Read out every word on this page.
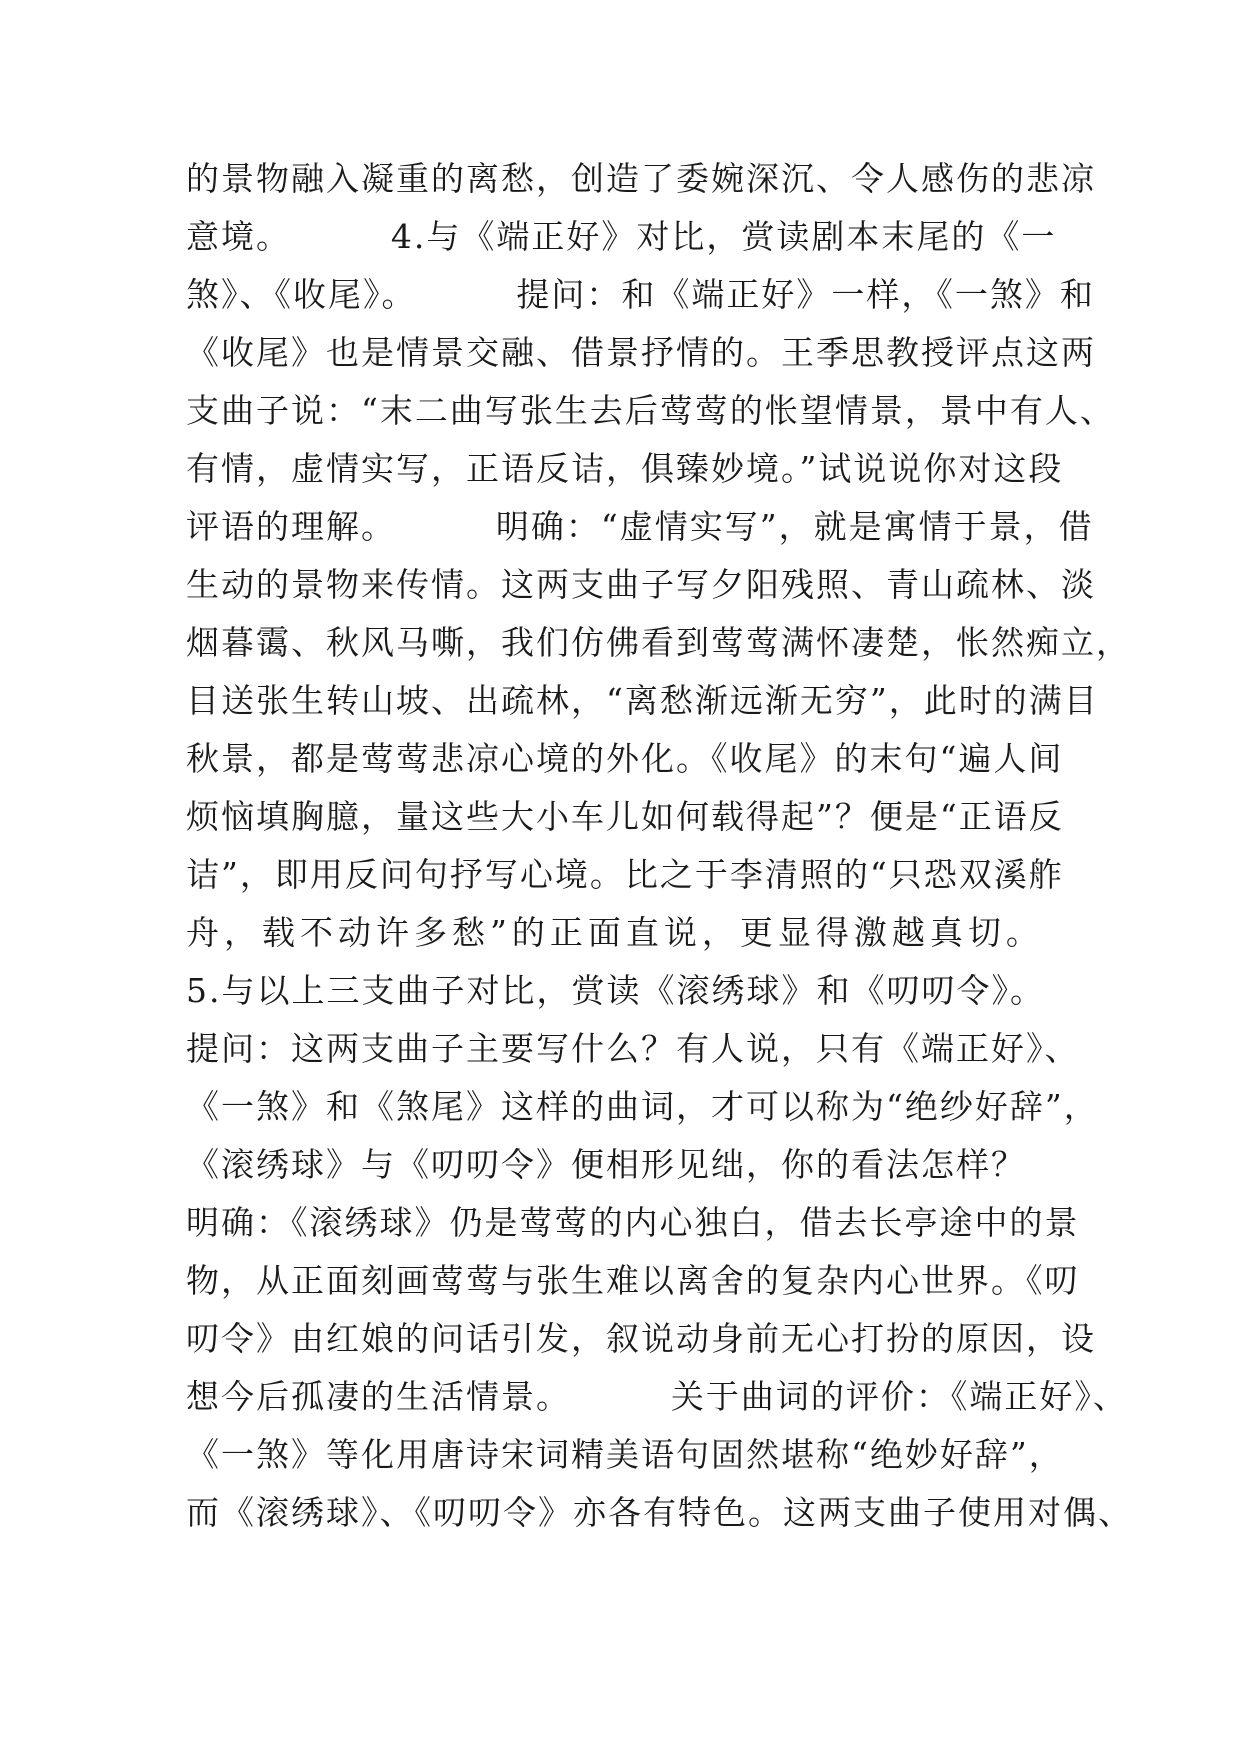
的景物融入凝重的离愁，创造了委婉深沉、令人感伤的悲凉
意境。        4.与《端正好》对比，赏读剧本末尾的《一
煞》、《收尾》。        提问：和《端正好》一样，《一煞》和
《收尾》也是情景交融、借景抒情的。王季思教授评点这两
支曲子说：“末二曲写张生去后莺莺的怅望情景，景中有人、
有情，虚情实写，正语反诘，俱臻妙境。”试说说你对这段
评语的理解。        明确：“虚情实写”，就是寓情于景，借
生动的景物来传情。这两支曲子写夕阳残照、青山疏林、淡
烟暮霭、秋风马嘶，我们仿佛看到莺莺满怀凄楚，怅然痴立，
目送张生转山坡、出疏林，“离愁渐远渐无穷”，此时的满目
秋景，都是莺莺悲凉心境的外化。《收尾》的末句“遍人间
烦恼填胸臆，量这些大小车儿如何载得起”？便是“正语反
诘”，即用反问句抒写心境。比之于李清照的“只恐双溪舴
舟，载不动许多愁”的正面直说，更显得激越真切。
5.与以上三支曲子对比，赏读《滚绣球》和《叨叨令》。
提问：这两支曲子主要写什么？有人说，只有《端正好》、
《一煞》和《煞尾》这样的曲词，才可以称为“绝纱好辞”，
《滚绣球》与《叨叨令》便相形见绌，你的看法怎样？
明确：《滚绣球》仍是莺莺的内心独白，借去长亭途中的景
物，从正面刻画莺莺与张生难以离舍的复杂内心世界。《叨
叨令》由红娘的问话引发，叙说动身前无心打扮的原因，设
想今后孤凄的生活情景。        关于曲词的评价：《端正好》、
《一煞》等化用唐诗宋词精美语句固然堪称“绝妙好辞”，
而《滚绣球》、《叨叨令》亦各有特色。这两支曲子使用对偶、
